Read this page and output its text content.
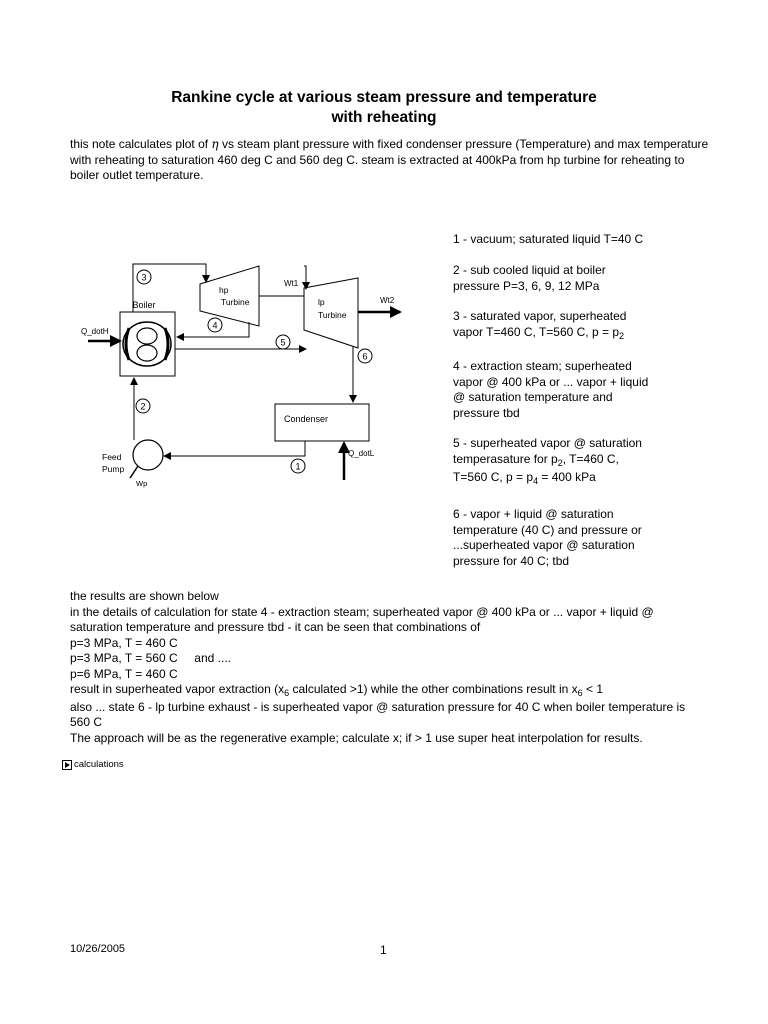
Rankine cycle at various steam pressure and temperature
with reheating
this note calculates plot of η vs steam plant pressure with fixed condenser pressure (Temperature) and max temperature with reheating to saturation 460 deg C and 560 deg C. steam is extracted at 400kPa from hp turbine for reheating to boiler outlet temperature.
Boiler
Q_dotH
hp
Turbine	lp
Turbine
Wt1
Wt2
3
4
5
6
Condenser
Q_dotL
1
Feed
Pump
Wp
2
1 - vacuum; saturated liquid T=40 C
2 - sub cooled liquid at boiler
pressure P=3, 6, 9, 12 MPa
3 - saturated vapor, superheated
vapor T=460 C, T=560 C, $p = p_2$
4 - extraction steam; superheated
vapor @ 400 kPa or ... vapor + liquid
@ saturation temperature and
pressure tbd
5 - superheated vapor @ saturation
temperasature for $p_2$, T=460 C,
T=560 C, $p = p_4 = 400$ kPa
6 - vapor + liquid @ saturation
temperature (40 C) and pressure or
...superheated vapor @ saturation
pressure for 40 C; tbd
the results are shown below
in the details of calculation for state 4 - extraction steam; superheated vapor @ 400 kPa or ... vapor + liquid @
saturation temperature and pressure tbd - it can be seen that combinations of
p=3 MPa, T = 460 C
p=3 MPa, T = 560 C     and ....
p=6 MPa, T = 460 C
result in superheated vapor extraction ($x_6$ calculated >1) while the other combinations result in $x_6 < 1$
also ... state 6 - lp turbine exhaust - is superheated vapor @ saturation pressure for 40 C when boiler temperature is
560 C
The approach will be as the regenerative example; calculate x; if > 1 use super heat interpolation for results.
calculations
10/26/2005	1
